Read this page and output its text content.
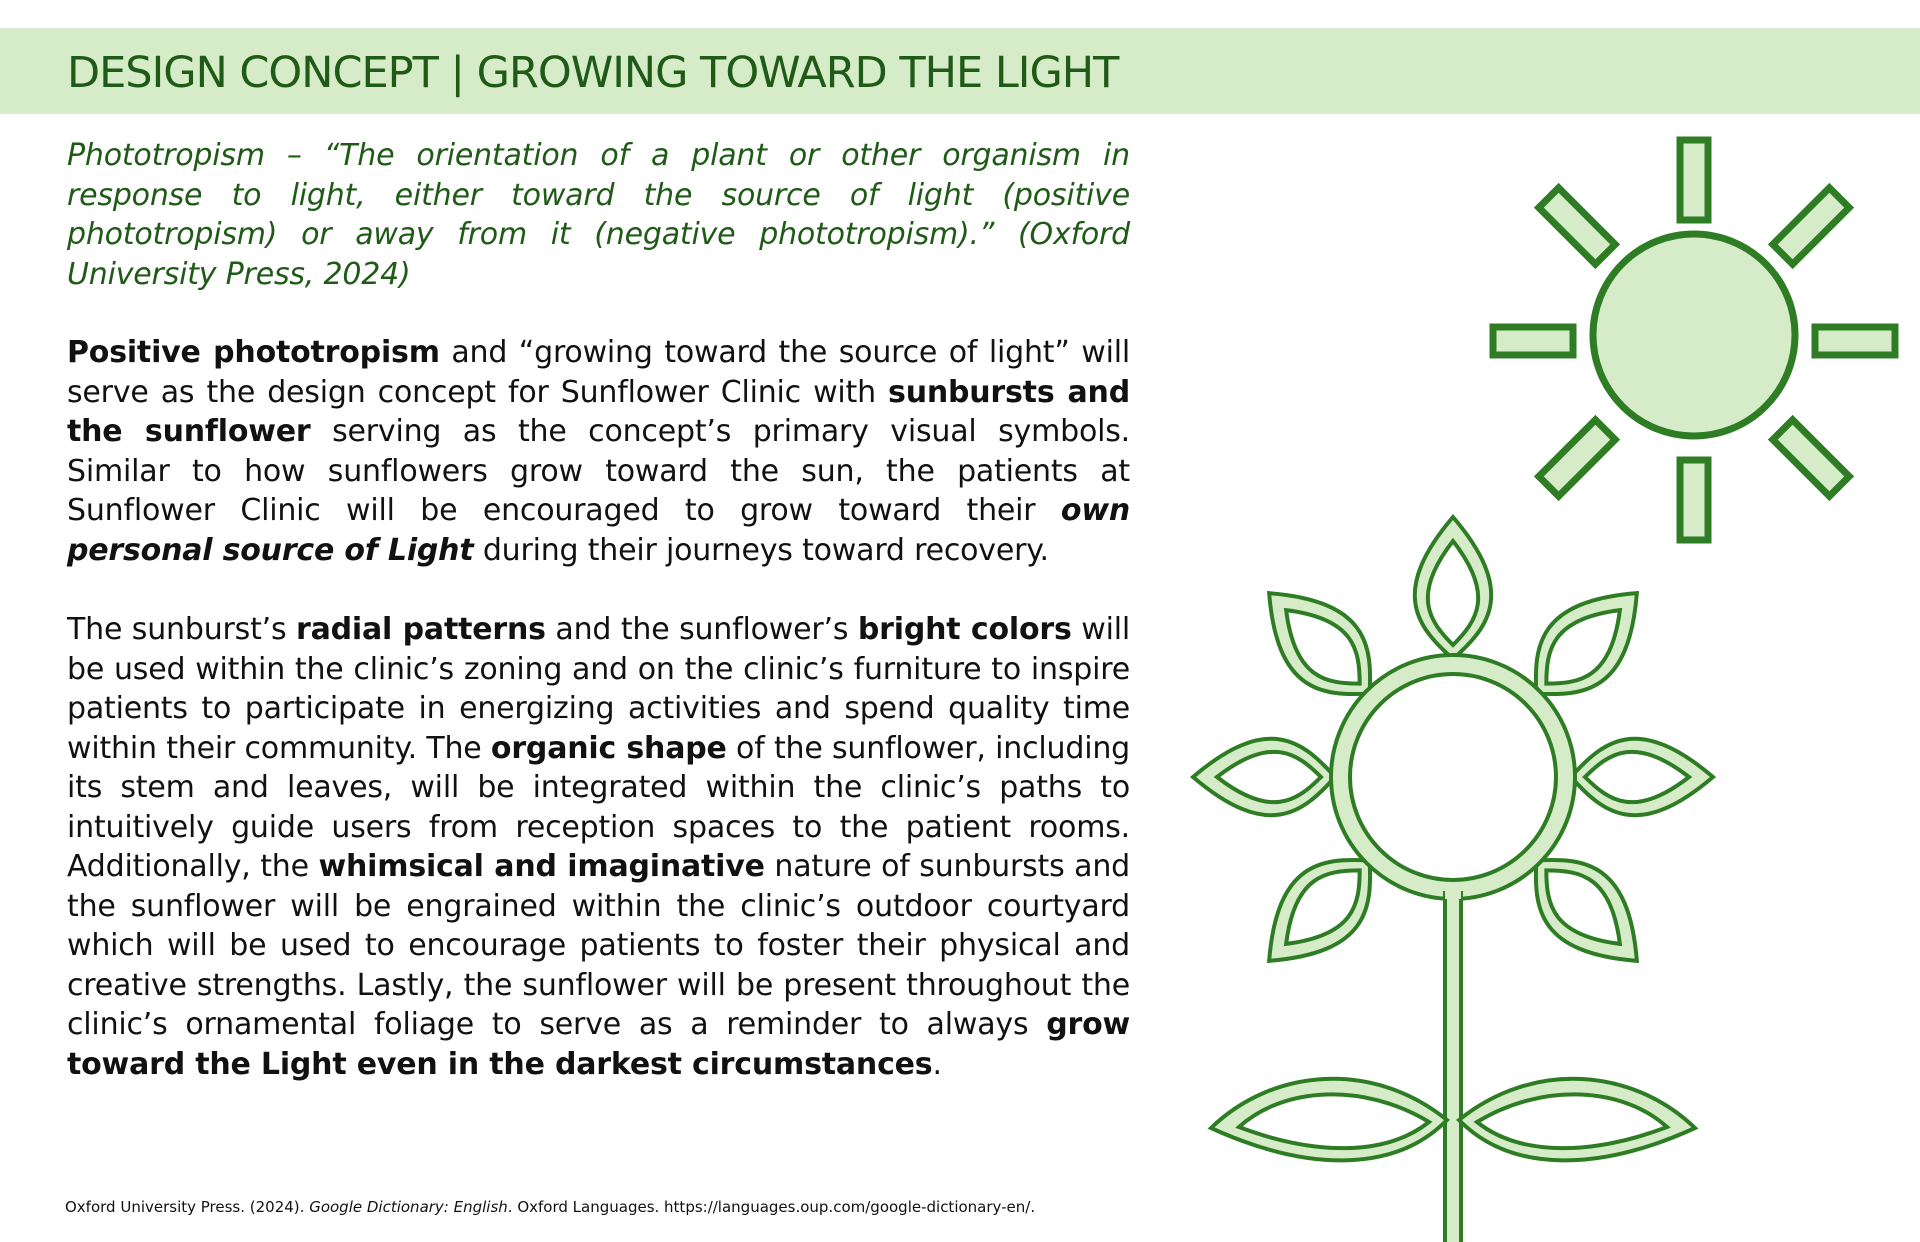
DESIGN CONCEPT | GROWING TOWARD THE LIGHT

Phototropism – “The orientation of a plant or other organism in response to light, either toward the source of light (positive phototropism) or away from it (negative phototropism).” (Oxford University Press, 2024)

Positive phototropism and “growing toward the source of light” will serve as the design concept for Sunflower Clinic with sunbursts and the sunflower serving as the concept’s primary visual symbols. Similar to how sunflowers grow toward the sun, the patients at Sunflower Clinic will be encouraged to grow toward their own personal source of Light during their journeys toward recovery.

The sunburst’s radial patterns and the sunflower’s bright colors will be used within the clinic’s zoning and on the clinic’s furniture to inspire patients to participate in energizing activities and spend quality time within their community. The organic shape of the sunflower, including its stem and leaves, will be integrated within the clinic’s paths to intuitively guide users from reception spaces to the patient rooms. Additionally, the whimsical and imaginative nature of sunbursts and the sunflower will be engrained within the clinic’s outdoor courtyard which will be used to encourage patients to foster their physical and creative strengths. Lastly, the sunflower will be present throughout the clinic’s ornamental foliage to serve as a reminder to always grow toward the Light even in the darkest circumstances.

Oxford University Press. (2024). Google Dictionary: English. Oxford Languages. https://languages.oup.com/google-dictionary-en/.
